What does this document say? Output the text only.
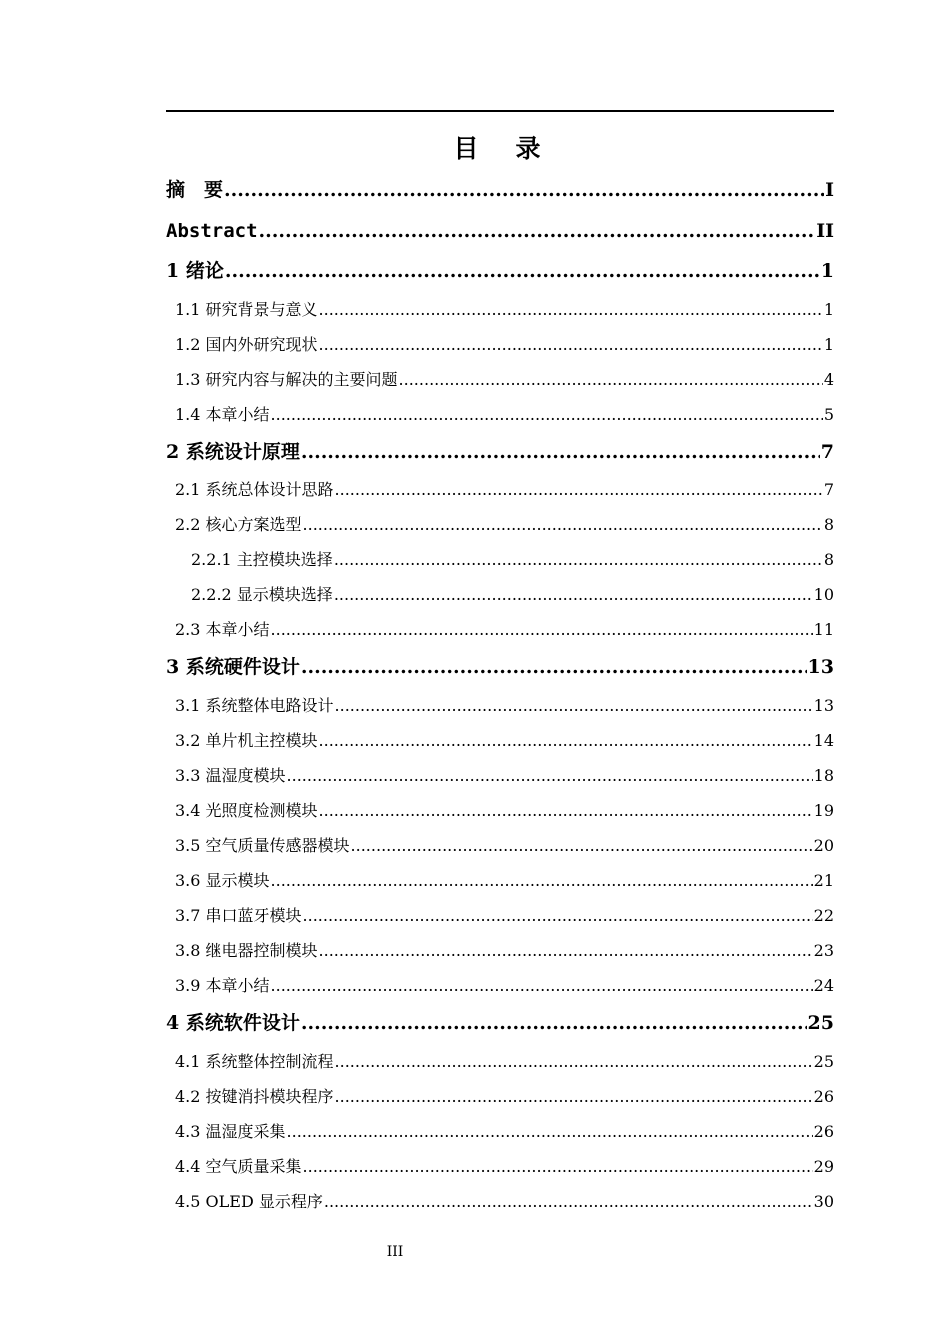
目　录
摘　要 .....	I
Abstract .....	II
1 绪论 .....	1
1.1 研究背景与意义 .....	1
1.2 国内外研究现状 .....	1
1.3 研究内容与解决的主要问题 .....	4
1.4 本章小结 .....	5
2 系统设计原理 .....	7
2.1 系统总体设计思路 .....	7
2.2 核心方案选型 .....	8
2.2.1 主控模块选择 .....	8
2.2.2 显示模块选择 .....	10
2.3 本章小结 .....	11
3 系统硬件设计 .....	13
3.1 系统整体电路设计 .....	13
3.2 单片机主控模块 .....	14
3.3 温湿度模块 .....	18
3.4 光照度检测模块 .....	19
3.5 空气质量传感器模块 .....	20
3.6 显示模块 .....	21
3.7 串口蓝牙模块 .....	22
3.8 继电器控制模块 .....	23
3.9 本章小结 .....	24
4 系统软件设计 .....	25
4.1 系统整体控制流程 .....	25
4.2 按键消抖模块程序 .....	26
4.3 温湿度采集 .....	26
4.4 空气质量采集 .....	29
4.5 OLED 显示程序 .....	30
III
